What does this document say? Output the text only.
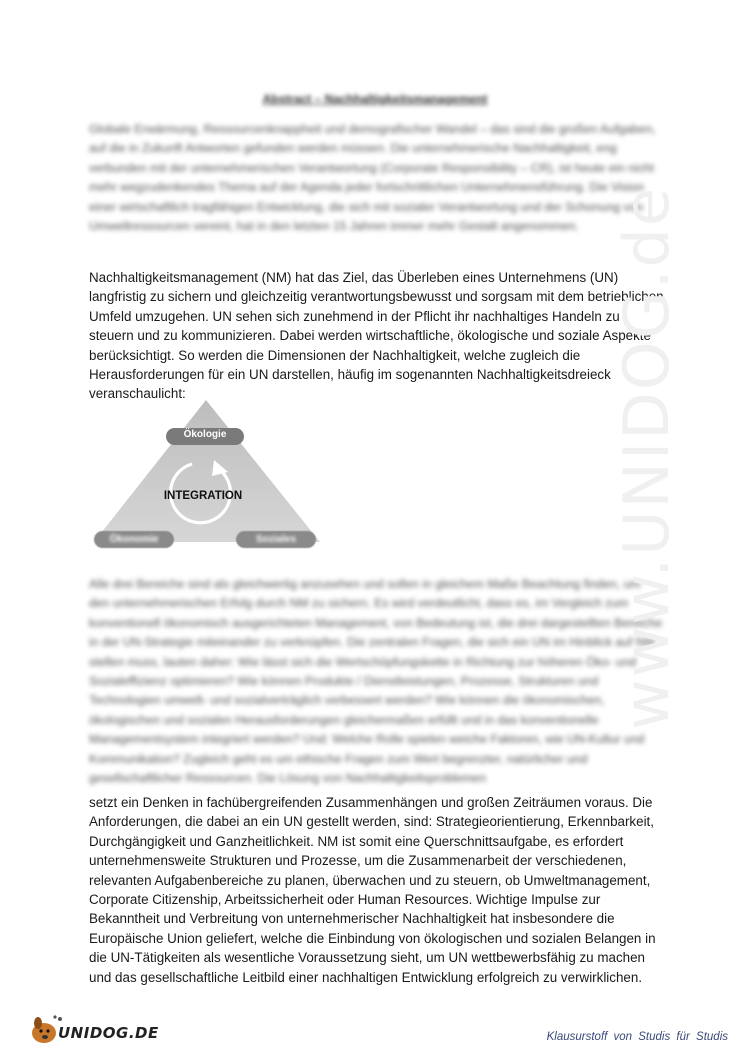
Abstract – Nachhaltigkeitsmanagement

Globale Erwärmung, Ressourcenknappheit und demografischer Wandel – das sind die großen Aufgaben, auf die in Zukunft Antworten gefunden werden müssen. Die unternehmerische Nachhaltigkeit, eng verbunden mit der unternehmerischen Verantwortung (Corporate Responsibility – CR), ist heute ein nicht mehr wegzudenkendes Thema auf der Agenda jeder fortschrittlichen Unternehmensführung. Die Vision einer wirtschaftlich tragfähigen Entwicklung, die sich mit sozialer Verantwortung und der Schonung von Umweltressourcen vereint, hat in den letzten 15 Jahren immer mehr Gestalt angenommen.

Nachhaltigkeitsmanagement (NM) hat das Ziel, das Überleben eines Unternehmens (UN) langfristig zu sichern und gleichzeitig verantwortungsbewusst und sorgsam mit dem betrieblichen Umfeld umzugehen. UN sehen sich zunehmend in der Pflicht ihr nachhaltiges Handeln zu steuern und zu kommunizieren. Dabei werden wirtschaftliche, ökologische und soziale Aspekte berücksichtigt. So werden die Dimensionen der Nachhaltigkeit, welche zugleich die Herausforderungen für ein UN darstellen, häufig im sogenannten Nachhaltigkeitsdreieck veranschaulicht:

Ökologie
Ökonomie	Soziales
INTEGRATION

Alle drei Bereiche sind als gleichwertig anzusehen und sollen in gleichem Maße Beachtung finden, um den unternehmerischen Erfolg durch NM zu sichern. Es wird verdeutlicht, dass es, im Vergleich zum konventionell ökonomisch ausgerichteten Management, von Bedeutung ist, die drei dargestellten Bereiche in der UN-Strategie miteinander zu verknüpfen. Die zentralen Fragen, die sich ein UN im Hinblick auf NM stellen muss, lauten daher: Wie lässt sich die Wertschöpfungskette in Richtung zur höheren Öko- und Sozialeffizienz optimieren? Wie können Produkte / Dienstleistungen, Prozesse, Strukturen und Technologien umwelt- und sozialverträglich verbessert werden? Wie können die ökonomischen, ökologischen und sozialen Herausforderungen gleichermaßen erfüllt und in das konventionelle Managementsystem integriert werden? Und: Welche Rolle spielen weiche Faktoren, wie UN-Kultur und Kommunikation? Zugleich geht es um ethische Fragen zum Wert begrenzter, natürlicher und gesellschaftlicher Ressourcen. Die Lösung von Nachhaltigkeitsproblemen

setzt ein Denken in fachübergreifenden Zusammenhängen und großen Zeiträumen voraus. Die Anforderungen, die dabei an ein UN gestellt werden, sind: Strategieorientierung, Erkennbarkeit, Durchgängigkeit und Ganzheitlichkeit. NM ist somit eine Querschnittsaufgabe, es erfordert unternehmensweite Strukturen und Prozesse, um die Zusammenarbeit der verschiedenen, relevanten Aufgabenbereiche zu planen, überwachen und zu steuern, ob Umweltmanagement, Corporate Citizenship, Arbeitssicherheit oder Human Resources. Wichtige Impulse zur Bekanntheit und Verbreitung von unternehmerischer Nachhaltigkeit hat insbesondere die Europäische Union geliefert, welche die Einbindung von ökologischen und sozialen Belangen in die UN-Tätigkeiten als wesentliche Voraussetzung sieht, um UN wettbewerbsfähig zu machen und das gesellschaftliche Leitbild einer nachhaltigen Entwicklung erfolgreich zu verwirklichen.

www.UNIDOG.de
UNIDOG.DE	Klausurstoff von Studis für Studis
